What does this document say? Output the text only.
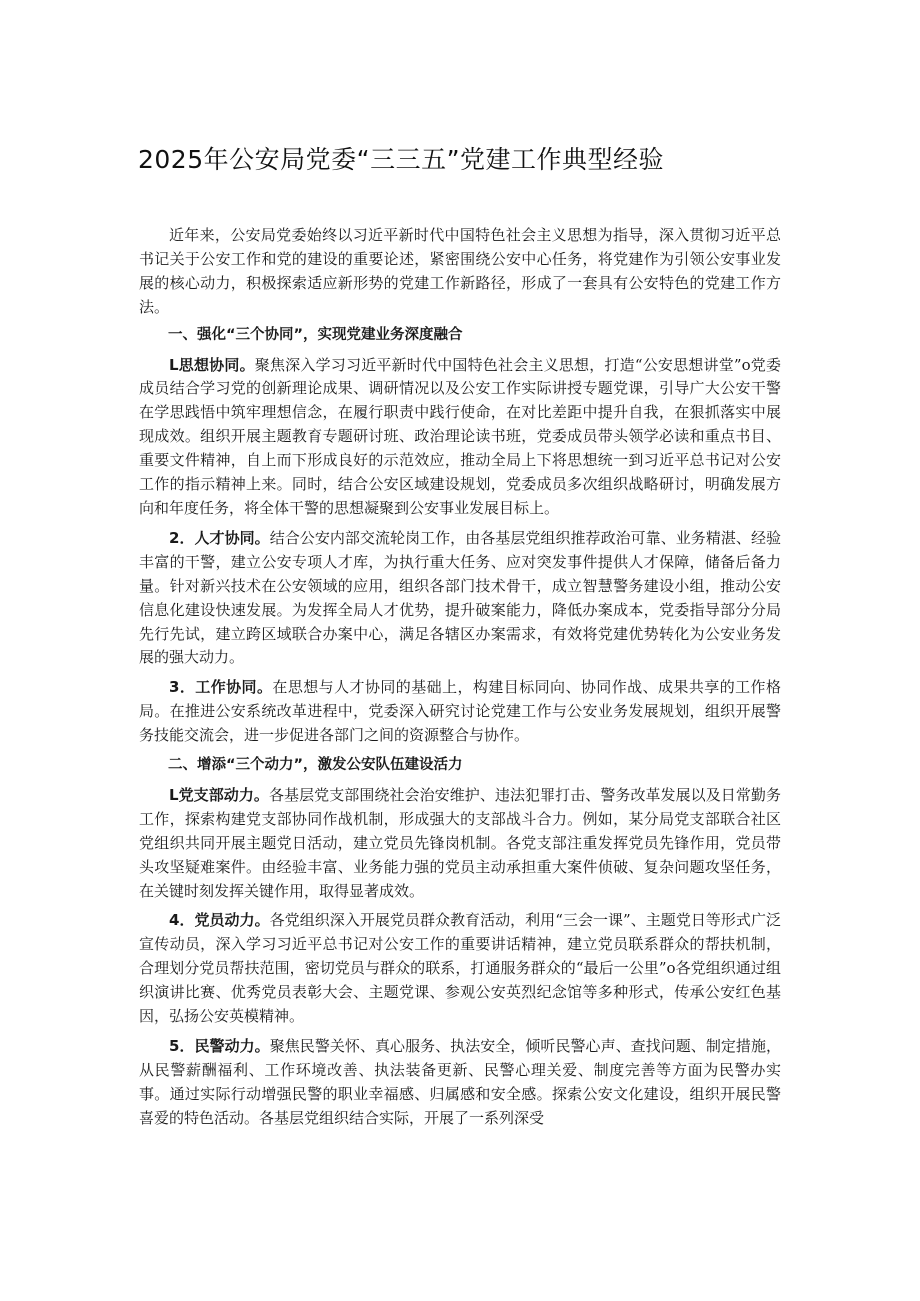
2025年公安局党委“三三五”党建工作典型经验

近年来，公安局党委始终以习近平新时代中国特色社会主义思想为指导，深入贯彻习近平总书记关于公安工作和党的建设的重要论述，紧密围绕公安中心任务，将党建作为引领公安事业发展的核心动力，积极探索适应新形势的党建工作新路径，形成了一套具有公安特色的党建工作方法。

一、强化“三个协同”，实现党建业务深度融合

L思想协同。聚焦深入学习习近平新时代中国特色社会主义思想，打造“公安思想讲堂”o党委成员结合学习党的创新理论成果、调研情况以及公安工作实际讲授专题党课，引导广大公安干警在学思践悟中筑牢理想信念，在履行职责中践行使命，在对比差距中提升自我，在狠抓落实中展现成效。组织开展主题教育专题研讨班、政治理论读书班，党委成员带头领学必读和重点书目、重要文件精神，自上而下形成良好的示范效应，推动全局上下将思想统一到习近平总书记对公安工作的指示精神上来。同时，结合公安区域建设规划，党委成员多次组织战略研讨，明确发展方向和年度任务，将全体干警的思想凝聚到公安事业发展目标上。

2．人才协同。结合公安内部交流轮岗工作，由各基层党组织推荐政治可靠、业务精湛、经验丰富的干警，建立公安专项人才库，为执行重大任务、应对突发事件提供人才保障，储备后备力量。针对新兴技术在公安领域的应用，组织各部门技术骨干，成立智慧警务建设小组，推动公安信息化建设快速发展。为发挥全局人才优势，提升破案能力，降低办案成本，党委指导部分分局先行先试，建立跨区域联合办案中心，满足各辖区办案需求，有效将党建优势转化为公安业务发展的强大动力。

3．工作协同。在思想与人才协同的基础上，构建目标同向、协同作战、成果共享的工作格局。在推进公安系统改革进程中，党委深入研究讨论党建工作与公安业务发展规划，组织开展警务技能交流会，进一步促进各部门之间的资源整合与协作。

二、增添“三个动力”，激发公安队伍建设活力

L党支部动力。各基层党支部围绕社会治安维护、违法犯罪打击、警务改革发展以及日常勤务工作，探索构建党支部协同作战机制，形成强大的支部战斗合力。例如，某分局党支部联合社区党组织共同开展主题党日活动，建立党员先锋岗机制。各党支部注重发挥党员先锋作用，党员带头攻坚疑难案件。由经验丰富、业务能力强的党员主动承担重大案件侦破、复杂问题攻坚任务，在关键时刻发挥关键作用，取得显著成效。

4．党员动力。各党组织深入开展党员群众教育活动，利用“三会一课”、主题党日等形式广泛宣传动员，深入学习习近平总书记对公安工作的重要讲话精神，建立党员联系群众的帮扶机制，合理划分党员帮扶范围，密切党员与群众的联系，打通服务群众的“最后一公里”o各党组织通过组织演讲比赛、优秀党员表彰大会、主题党课、参观公安英烈纪念馆等多种形式，传承公安红色基因，弘扬公安英模精神。

5．民警动力。聚焦民警关怀、真心服务、执法安全，倾听民警心声、查找问题、制定措施，从民警薪酬福利、工作环境改善、执法装备更新、民警心理关爱、制度完善等方面为民警办实事。通过实际行动增强民警的职业幸福感、归属感和安全感。探索公安文化建设，组织开展民警喜爱的特色活动。各基层党组织结合实际，开展了一系列深受
